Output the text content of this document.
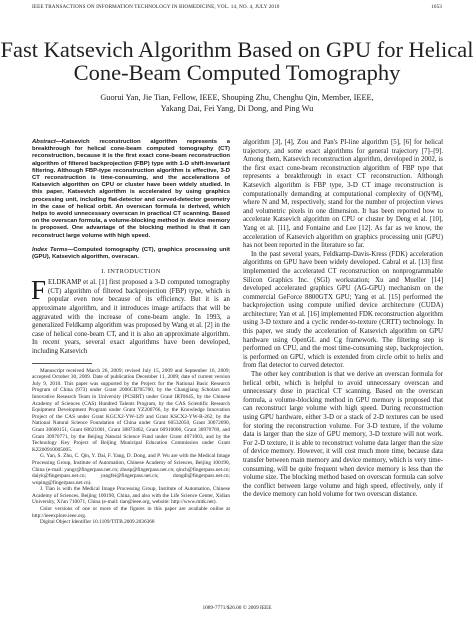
IEEE TRANSACTIONS ON INFORMATION TECHNOLOGY IN BIOMEDICINE, VOL. 14, NO. 4, JULY 2010	1053
Fast Katsevich Algorithm Based on GPU for Helical Cone-Beam Computed Tomography
Guorui Yan, Jie Tian, Fellow, IEEE, Shouping Zhu, Chenghu Qin, Member, IEEE,
Yakang Dai, Fei Yang, Di Dong, and Ping Wu

Abstract—Katsevich reconstruction algorithm represents a breakthrough for helical cone-beam computed tomography (CT) reconstruction, because it is the first exact cone-beam reconstruction algorithm of filtered backprojection (FBP) type with 1-D shift-invariant filtering. Although FBP-type reconstruction algorithm is effective, 3-D CT reconstruction is time-consuming, and the accelerations of Katsevich algorithm on CPU or cluster have been widely studied. In this paper, Katsevich algorithm is accelerated by using graphics processing unit, including flat-detector and curved-detector geometry in the case of helical orbit. An overscan formula is derived, which helps to avoid unnecessary overscan in practical CT scanning. Based on the overscan formula, a volume-blocking method in device memory is proposed. One advantage of the blocking method is that it can reconstruct large volume with high speed.

Index Terms—Computed tomography (CT), graphics processing unit (GPU), Katsevich algorithm, overscan.

I. INTRODUCTION

FELDKAMP et al. [1] first proposed a 3-D computed tomography (CT) algorithm of filtered backprojection (FBP) type, which is popular even now because of its efficiency. But it is an approximate algorithm, and it introduces image artifacts that will be aggravated with the increase of cone-beam angle. In 1993, a generalized Feldkamp algorithm was proposed by Wang et al. [2] in the case of helical cone-beam CT, and it is also an approximate algorithm. In recent years, several exact algorithms have been developed, including Katsevich

Manuscript received March 26, 2009; revised July 15, 2009 and September 16, 2009; accepted October 30, 2009. Date of publication December 11, 2009; date of current version July 9, 2010. This paper was supported by the Project for the National Basic Research Program of China (973) under Grant 2006CB705700, by the Changjiang Scholars and Innovative Research Team in University (PCSIRT) under Grant IRT0645, by the Chinese Academy of Sciences (CAS) Hundred Talents Program, by the CAS Scientific Research Equipment Development Program under Grant YZ200766, by the Knowledge Innovation Project of the CAS under Grant KGCX2-YW-129 and Grant KSCX2-YW-R-262, by the National Natural Science Foundation of China under Grant 60532050, Grant 30672690, Grant 30600151, Grant 60621001, Grant 30873462, Grant 60910006, Grant 30970769, and Grant 30970771, by the Beijing Natural Science Fund under Grant 4071003, and by the Technology Key Project of Beijing Municipal Education Commission under Grant KZ200910005005.

G. Yan, S. Zhu, C. Qin, Y. Dai, F. Yang, D. Dong, and P. Wu are with the Medical Image Processing Group, Institute of Automation, Chinese Academy of Sciences, Beijing 100190, China (e-mail: yangr@fingerpass.net.cn; zhusp@fingerpass.net.cn; qinch@fingerpass.net.cn; daiyk@fingerpass.net.cn; yangfei@fingerpass.net.cn; dongdi@fingerpass.net.cn; wuping@fingerpass.net.cn).

J. Tian is with the Medical Image Processing Group, Institute of Automation, Chinese Academy of Sciences, Beijing 100190, China, and also with the Life Science Center, Xidian University, Xi'an 710071, China (e-mail: tian@ieee.org, website: http://www.mitk.net).

Color versions of one or more of the figures in this paper are available online at http://ieeexplore.ieee.org.

Digital Object Identifier 10.1109/TITB.2009.2036368

algorithm [3], [4], Zou and Pan's PI-line algorithm [5], [6] for helical trajectory, and some exact algorithms for general trajectory [7]–[9]. Among them, Katsevich reconstruction algorithm, developed in 2002, is the first exact cone-beam reconstruction algorithm of FBP type that represents a breakthrough in exact CT reconstruction. Although Katsevich algorithm is FBP type, 3-D CT image reconstruction is computationally demanding at computational complexity of O(N³M), where N and M, respectively, stand for the number of projection views and volumetric pixels in one dimension. It has been reported how to accelerate Katsevich algorithm on CPU or cluster by Deng et al. [10], Yang et al. [11], and Fontaine and Lee [12]. As far as we know, the acceleration of Katsevich algorithm on graphics processing unit (GPU) has not been reported in the literature so far.

In the past several years, Feldkamp-Davis-Kress (FDK) acceleration algorithms on GPU have been widely developed. Cabral et al. [13] first implemented the accelerated CT reconstruction on nonprogrammable Silicon Graphics Inc. (SGI) workstation; Xu and Mueller [14] developed accelerated graphics GPU (AG-GPU) mechanism on the commercial GeForce 8800GTX GPU; Yang et al. [15] performed the backprojection using compute unified device architecture (CUDA) architecture; Yan et al. [16] implemented FDK reconstruction algorithm using 3-D texture and a cyclic render-to-texture (CRTT) technology. In this paper, we study the acceleration of Katsevich algorithm on GPU hardware using OpenGL and Cg framework. The filtering step is performed on CPU, and the most time-consuming step, backprojection, is performed on GPU, which is extended from circle orbit to helix and from flat detector to curved detector.

The other key contribution is that we derive an overscan formula for helical orbit, which is helpful to avoid unnecessary overscan and unnecessary dose in practical CT scanning. Based on the overscan formula, a volume-blocking method in GPU memory is proposed that can reconstruct large volume with high speed. During reconstruction using GPU hardware, either 3-D or a stack of 2-D textures can be used for storing the reconstruction volume. For 3-D texture, if the volume data is larger than the size of GPU memory, 3-D texture will not work. For 2-D texture, it is able to reconstruct volume data larger than the size of device memory. However, it will cost much more time, because data transfer between main memory and device memory, which is very time-consuming, will be quite frequent when device memory is less than the volume size. The blocking method based on overscan formula can solve the conflict between large volume and high speed, effectively, only if the device memory can hold volume for two overscan distance.

1089-7771/$26.00 © 2009 IEEE
